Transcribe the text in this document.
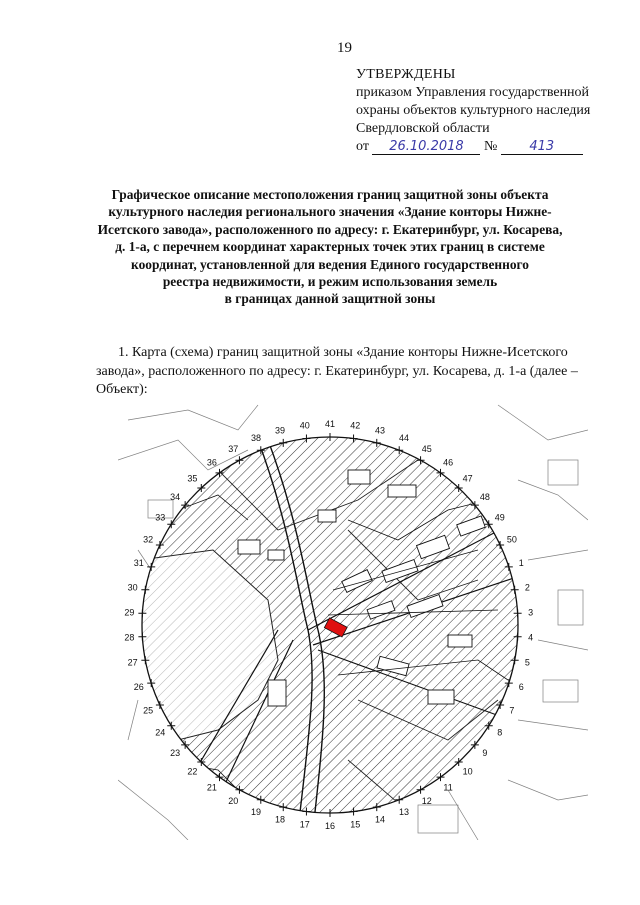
19
УТВЕРЖДЕНЫ
приказом Управления государственной
охраны объектов культурного наследия
Свердловской области
от 26.10.2018 № 413
Графическое описание местоположения границ защитной зоны объекта
культурного наследия регионального значения «Здание конторы Нижне-
Исетского завода», расположенного по адресу: г. Екатеринбург, ул. Косарева,
д. 1-а, с перечнем координат характерных точек этих границ в системе
координат, установленной для ведения Единого государственного
реестра недвижимости, и режим использования земель
в границах данной защитной зоны
1. Карта (схема) границ защитной зоны «Здание конторы Нижне-Исетского
завода», расположенного по адресу: г. Екатеринбург, ул. Косарева, д. 1-а (далее –
Объект):
1
2
3
4
5
6
7
8
9
10
11
12
13
14
15
16
17
18
19
20
21
22
23
24
25
26
27
28
29
30
31
32
33
34
35
36
37
38
39 40 41 42 43
44
45
46
47
48
49
50
